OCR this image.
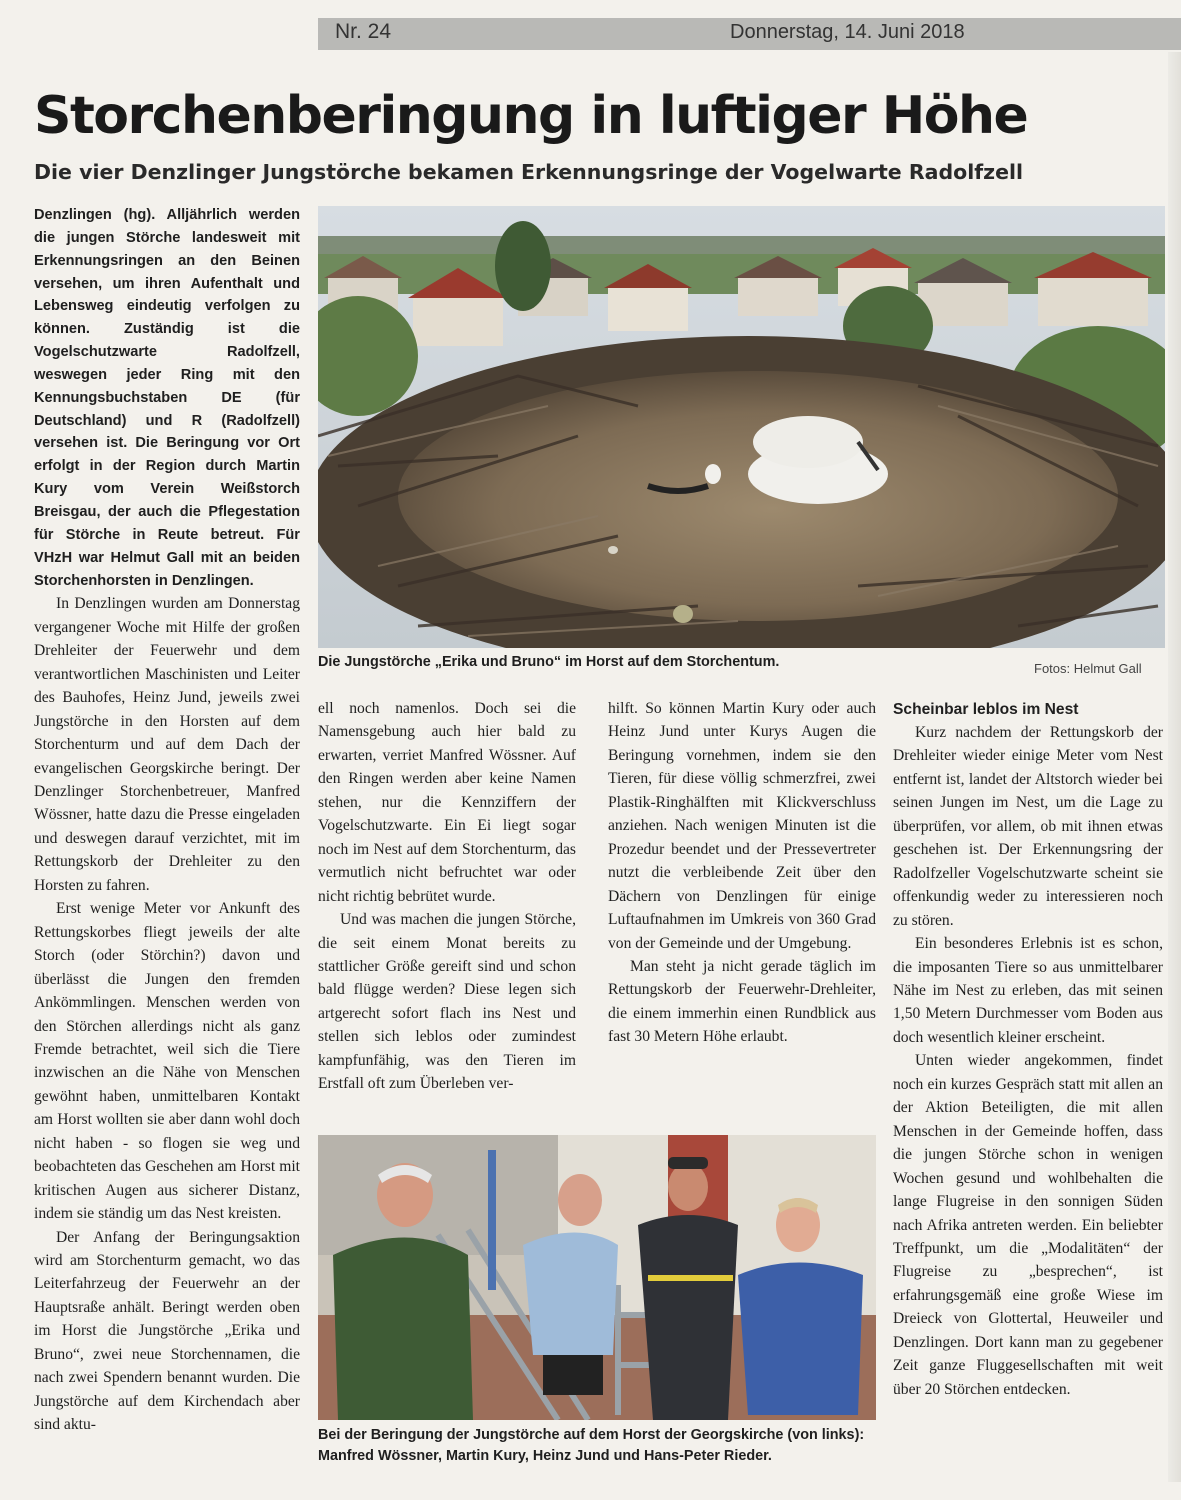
Nr. 24	Donnerstag, 14. Juni 2018
Storchenberingung in luftiger Höhe
Die vier Denzlinger Jungstörche bekamen Erkennungsringe der Vogelwarte Radolfzell

Denzlingen (hg). Alljährlich werden die jungen Störche landesweit mit Erkennungsringen an den Beinen versehen, um ihren Aufenthalt und Lebensweg eindeutig verfolgen zu können. Zuständig ist die Vogelschutzwarte Radolfzell, weswegen jeder Ring mit den Kennungsbuchstaben DE (für Deutschland) und R (Radolfzell) versehen ist. Die Beringung vor Ort erfolgt in der Region durch Martin Kury vom Verein Weißstorch Breisgau, der auch die Pflegestation für Störche in Reute betreut. Für VHzH war Helmut Gall mit an beiden Storchenhorsten in Denzlingen.

In Denzlingen wurden am Donnerstag vergangener Woche mit Hilfe der großen Drehleiter der Feuerwehr und dem verantwortlichen Maschinisten und Leiter des Bauhofes, Heinz Jund, jeweils zwei Jungstörche in den Horsten auf dem Storchenturm und auf dem Dach der evangelischen Georgskirche beringt. Der Denzlinger Storchenbetreuer, Manfred Wössner, hatte dazu die Presse eingeladen und deswegen darauf verzichtet, mit im Rettungskorb der Drehleiter zu den Horsten zu fahren.

Erst wenige Meter vor Ankunft des Rettungskorbes fliegt jeweils der alte Storch (oder Störchin?) davon und überlässt die Jungen den fremden Ankömmlingen. Menschen werden von den Störchen allerdings nicht als ganz Fremde betrachtet, weil sich die Tiere inzwischen an die Nähe von Menschen gewöhnt haben, unmittelbaren Kontakt am Horst wollten sie aber dann wohl doch nicht haben - so flogen sie weg und beobachteten das Geschehen am Horst mit kritischen Augen aus sicherer Distanz, indem sie ständig um das Nest kreisten.

Der Anfang der Beringungsaktion wird am Storchenturm gemacht, wo das Leiterfahrzeug der Feuerwehr an der Hauptsraße anhält. Beringt werden oben im Horst die Jungstörche „Erika und Bruno“, zwei neue Storchennamen, die nach zwei Spendern benannt wurden. Die Jungstörche auf dem Kirchendach aber sind aktu-

Die Jungstörche „Erika und Bruno“ im Horst auf dem Storchentum.	Fotos: Helmut Gall

ell noch namenlos. Doch sei die Namensgebung auch hier bald zu erwarten, verriet Manfred Wössner. Auf den Ringen werden aber keine Namen stehen, nur die Kennziffern der Vogelschutzwarte. Ein Ei liegt sogar noch im Nest auf dem Storchenturm, das vermutlich nicht befruchtet war oder nicht richtig bebrütet wurde.

Und was machen die jungen Störche, die seit einem Monat bereits zu stattlicher Größe gereift sind und schon bald flügge werden? Diese legen sich artgerecht sofort flach ins Nest und stellen sich leblos oder zumindest kampfunfähig, was den Tieren im Erstfall oft zum Überleben ver-

hilft. So können Martin Kury oder auch Heinz Jund unter Kurys Augen die Beringung vornehmen, indem sie den Tieren, für diese völlig schmerzfrei, zwei Plastik-Ringhälften mit Klickverschluss anziehen. Nach wenigen Minuten ist die Prozedur beendet und der Pressevertreter nutzt die verbleibende Zeit über den Dächern von Denzlingen für einige Luftaufnahmen im Umkreis von 360 Grad von der Gemeinde und der Umgebung.

Man steht ja nicht gerade täglich im Rettungskorb der Feuerwehr-Drehleiter, die einem immerhin einen Rundblick aus fast 30 Metern Höhe erlaubt.

Scheinbar leblos im Nest

Kurz nachdem der Rettungskorb der Drehleiter wieder einige Meter vom Nest entfernt ist, landet der Altstorch wieder bei seinen Jungen im Nest, um die Lage zu überprüfen, vor allem, ob mit ihnen etwas geschehen ist. Der Erkennungsring der Radolfzeller Vogelschutzwarte scheint sie offenkundig weder zu interessieren noch zu stören.

Ein besonderes Erlebnis ist es schon, die imposanten Tiere so aus unmittelbarer Nähe im Nest zu erleben, das mit seinen 1,50 Metern Durchmesser vom Boden aus doch wesentlich kleiner erscheint.

Unten wieder angekommen, findet noch ein kurzes Gespräch statt mit allen an der Aktion Beteiligten, die mit allen Menschen in der Gemeinde hoffen, dass die jungen Störche schon in wenigen Wochen gesund und wohlbehalten die lange Flugreise in den sonnigen Süden nach Afrika antreten werden. Ein beliebter Treffpunkt, um die „Modalitäten“ der Flugreise zu „besprechen“, ist erfahrungsgemäß eine große Wiese im Dreieck von Glottertal, Heuweiler und Denzlingen. Dort kann man zu gegebener Zeit ganze Fluggesellschaften mit weit über 20 Störchen entdecken.

Bei der Beringung der Jungstörche auf dem Horst der Georgskirche (von links): Manfred Wössner, Martin Kury, Heinz Jund und Hans-Peter Rieder.
